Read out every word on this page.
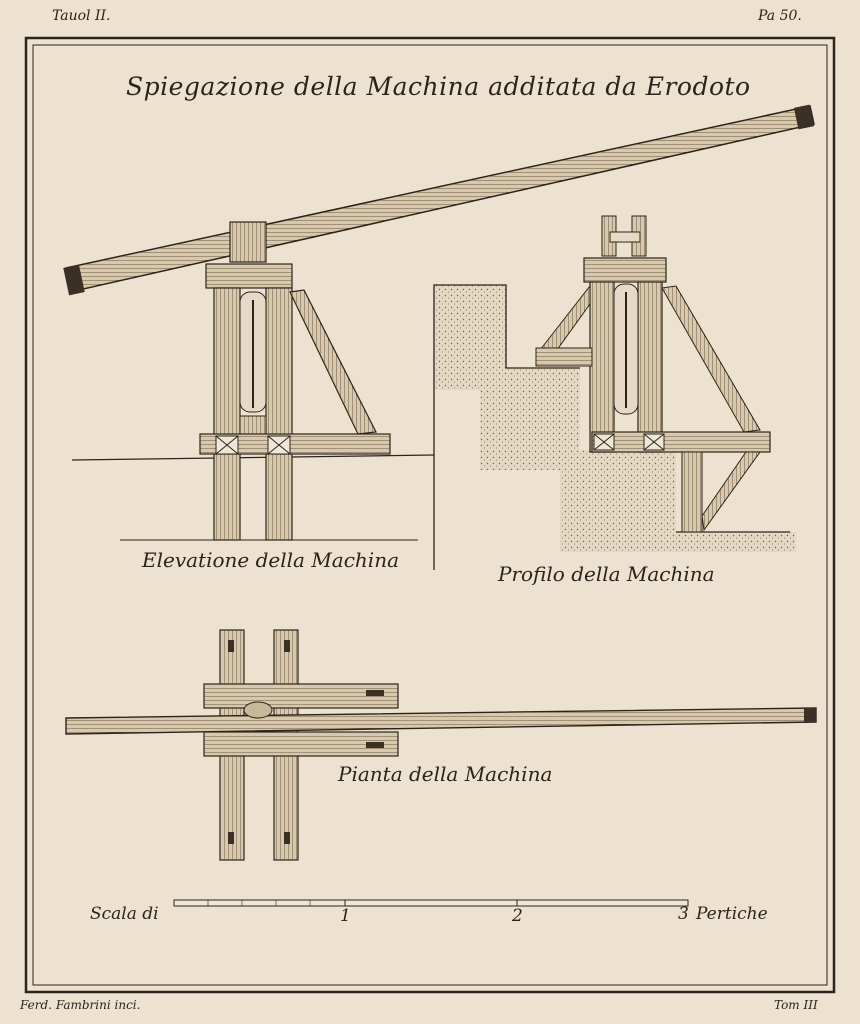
Tauol II.	Pa 50.
Spiegazione della Machina additata da Erodoto
Elevatione della Machina
Profilo della Machina
Pianta della Machina
Scala di	1	2	3 Pertiche
Ferd. Fambrini inci.	Tom III
